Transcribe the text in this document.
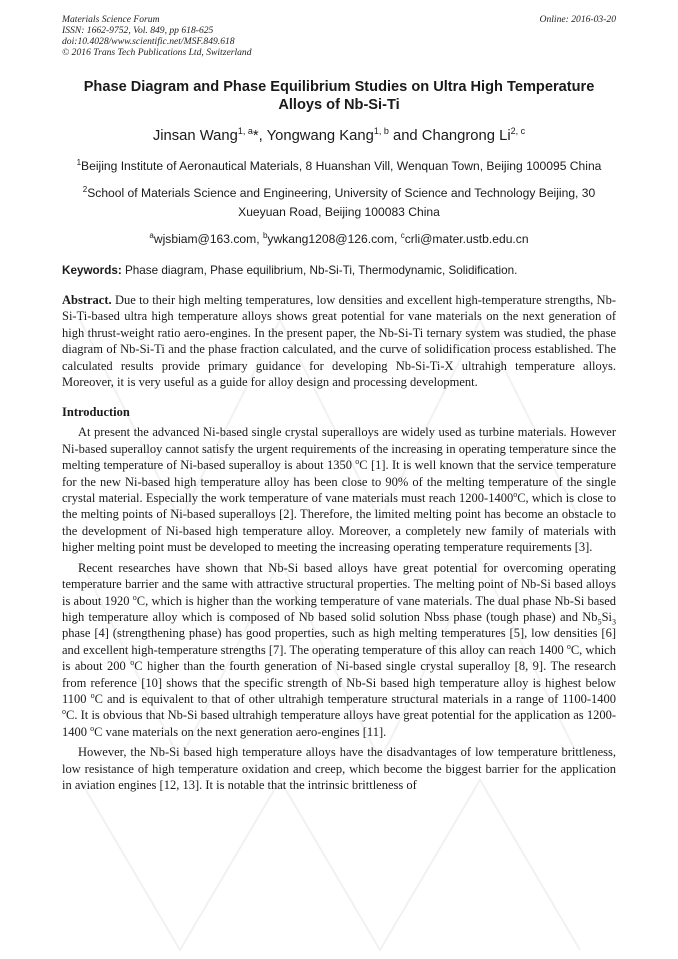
Materials Science Forum
ISSN: 1662-9752, Vol. 849, pp 618-625
doi:10.4028/www.scientific.net/MSF.849.618
© 2016 Trans Tech Publications Ltd, Switzerland
Online: 2016-03-20
Phase Diagram and Phase Equilibrium Studies on Ultra High Temperature Alloys of Nb-Si-Ti
Jinsan Wang$^{1, a}$*, Yongwang Kang$^{1, b}$ and Changrong Li$^{2, c}$
$^1$Beijing Institute of Aeronautical Materials, 8 Huanshan Vill, Wenquan Town, Beijing 100095 China
$^2$School of Materials Science and Engineering, University of Science and Technology Beijing, 30 Xueyuan Road, Beijing 100083 China
$^a$wjsbiam@163.com, $^b$ywkang1208@126.com, $^c$crli@mater.ustb.edu.cn
Keywords: Phase diagram, Phase equilibrium, Nb-Si-Ti, Thermodynamic, Solidification.
Abstract. Due to their high melting temperatures, low densities and excellent high-temperature strengths, Nb-Si-Ti-based ultra high temperature alloys shows great potential for vane materials on the next generation of high thrust-weight ratio aero-engines. In the present paper, the Nb-Si-Ti ternary system was studied, the phase diagram of Nb-Si-Ti and the phase fraction calculated, and the curve of solidification process established. The calculated results provide primary guidance for developing Nb-Si-Ti-X ultrahigh temperature alloys. Moreover, it is very useful as a guide for alloy design and processing development.
Introduction

At present the advanced Ni-based single crystal superalloys are widely used as turbine materials. However Ni-based superalloy cannot satisfy the urgent requirements of the increasing in operating temperature since the melting temperature of Ni-based superalloy is about 1350 $^o$C [1]. It is well known that the service temperature for the new Ni-based high temperature alloy has been close to 90% of the melting temperature of the single crystal material. Especially the work temperature of vane materials must reach 1200-1400$^o$C, which is close to the melting points of Ni-based superalloys [2]. Therefore, the limited melting point has become an obstacle to the development of Ni-based high temperature alloy. Moreover, a completely new family of materials with higher melting point must be developed to meeting the increasing operating temperature requirements [3].

Recent researches have shown that Nb-Si based alloys have great potential for overcoming operating temperature barrier and the same with attractive structural properties. The melting point of Nb-Si based alloys is about 1920 $^o$C, which is higher than the working temperature of vane materials. The dual phase Nb-Si based high temperature alloy which is composed of Nb based solid solution Nbss phase (tough phase) and $Nb_5Si_3$ phase [4] (strengthening phase) has good properties, such as high melting temperatures [5], low densities [6] and excellent high-temperature strengths [7]. The operating temperature of this alloy can reach 1400 $^o$C, which is about 200 $^o$C higher than the fourth generation of Ni-based single crystal superalloy [8, 9]. The research from reference [10] shows that the specific strength of Nb-Si based high temperature alloy is highest below 1100 $^o$C and is equivalent to that of other ultrahigh temperature structural materials in a range of 1100-1400 $^o$C. It is obvious that Nb-Si based ultrahigh temperature alloys have great potential for the application as 1200-1400 $^o$C vane materials on the next generation aero-engines [11].

However, the Nb-Si based high temperature alloys have the disadvantages of low temperature brittleness, low resistance of high temperature oxidation and creep, which become the biggest barrier for the application in aviation engines [12, 13]. It is notable that the intrinsic brittleness of
